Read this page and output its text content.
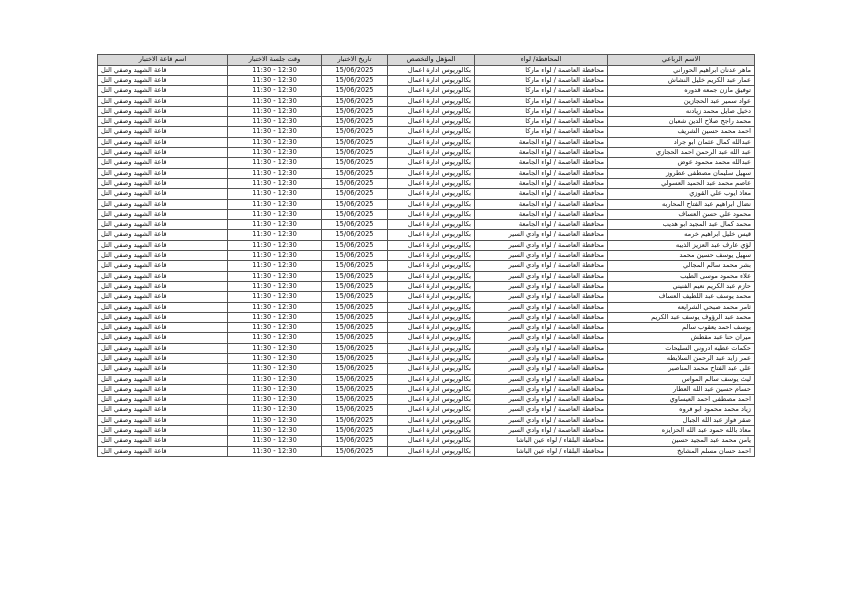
الاسم الرباعي	المحافظة/ لواء	المؤهل والتخصص	تاريخ الاختبار	وقت جلسة الاختبار	اسم قاعة الاختبار
ماهر عدنان ابراهيم الحوراني	محافظة العاصمة / لواء ماركا	بكالوريوس ادارة اعمال	15/06/2025	11:30 - 12:30	قاعة الشهيد وصفي التل
عمار عبد الكريم خليل النشاش	محافظة العاصمة / لواء ماركا	بكالوريوس ادارة اعمال	15/06/2025	11:30 - 12:30	قاعة الشهيد وصفي التل
توفيق مازن جمعه قدوره	محافظة العاصمة / لواء ماركا	بكالوريوس ادارة اعمال	15/06/2025	11:30 - 12:30	قاعة الشهيد وصفي التل
عواد سمير عبد الحجازين	محافظة العاصمة / لواء ماركا	بكالوريوس ادارة اعمال	15/06/2025	11:30 - 12:30	قاعة الشهيد وصفي التل
دخيل صايل محمد زيادنه	محافظة العاصمة / لواء ماركا	بكالوريوس ادارة اعمال	15/06/2025	11:30 - 12:30	قاعة الشهيد وصفي التل
محمد راجح صلاح الدين شعبان	محافظة العاصمة / لواء ماركا	بكالوريوس ادارة اعمال	15/06/2025	11:30 - 12:30	قاعة الشهيد وصفي التل
احمد محمد حسين الشريف	محافظة العاصمة / لواء ماركا	بكالوريوس ادارة اعمال	15/06/2025	11:30 - 12:30	قاعة الشهيد وصفي التل
عبدالله كمال عثمان ابو جراد	محافظة العاصمة / لواء الجامعة	بكالوريوس ادارة اعمال	15/06/2025	11:30 - 12:30	قاعة الشهيد وصفي التل
عبد الله عبد الرحمن احمد الحجازي	محافظة العاصمة / لواء الجامعة	بكالوريوس ادارة اعمال	15/06/2025	11:30 - 12:30	قاعة الشهيد وصفي التل
عبدالله محمد محمود عوض	محافظة العاصمة / لواء الجامعة	بكالوريوس ادارة اعمال	15/06/2025	11:30 - 12:30	قاعة الشهيد وصفي التل
سهيل سليمان مصطفى عطروز	محافظة العاصمة / لواء الجامعة	بكالوريوس ادارة اعمال	15/06/2025	11:30 - 12:30	قاعة الشهيد وصفي التل
عاصم محمد عبد الحميد العسولي	محافظة العاصمة / لواء الجامعة	بكالوريوس ادارة اعمال	15/06/2025	11:30 - 12:30	قاعة الشهيد وصفي التل
معاذ ايوب علي القوزي	محافظة العاصمة / لواء الجامعة	بكالوريوس ادارة اعمال	15/06/2025	11:30 - 12:30	قاعة الشهيد وصفي التل
نضال ابراهيم عبد الفتاح المحاربه	محافظة العاصمة / لواء الجامعة	بكالوريوس ادارة اعمال	15/06/2025	11:30 - 12:30	قاعة الشهيد وصفي التل
محمود علي حسن العساف	محافظة العاصمة / لواء الجامعة	بكالوريوس ادارة اعمال	15/06/2025	11:30 - 12:30	قاعة الشهيد وصفي التل
محمد كمال عبد المجيد ابو هديب	محافظة العاصمة / لواء الجامعة	بكالوريوس ادارة اعمال	15/06/2025	11:30 - 12:30	قاعة الشهيد وصفي التل
قيس خليل ابراهيم خرمه	محافظة العاصمة / لواء وادي السير	بكالوريوس ادارة اعمال	15/06/2025	11:30 - 12:30	قاعة الشهيد وصفي التل
لؤي عارف عبد العزيز الذيبه	محافظة العاصمة / لواء وادي السير	بكالوريوس ادارة اعمال	15/06/2025	11:30 - 12:30	قاعة الشهيد وصفي التل
سهيل يوسف حسين محمد	محافظة العاصمة / لواء وادي السير	بكالوريوس ادارة اعمال	15/06/2025	11:30 - 12:30	قاعة الشهيد وصفي التل
بشر محمد سالم المجالي	محافظة العاصمة / لواء وادي السير	بكالوريوس ادارة اعمال	15/06/2025	11:30 - 12:30	قاعة الشهيد وصفي التل
علاء محمود موسى الطيب	محافظة العاصمة / لواء وادي السير	بكالوريوس ادارة اعمال	15/06/2025	11:30 - 12:30	قاعة الشهيد وصفي التل
حازم عبد الكريم نعيم الفنيني	محافظة العاصمة / لواء وادي السير	بكالوريوس ادارة اعمال	15/06/2025	11:30 - 12:30	قاعة الشهيد وصفي التل
محمد يوسف عبد اللطيف العساف	محافظة العاصمة / لواء وادي السير	بكالوريوس ادارة اعمال	15/06/2025	11:30 - 12:30	قاعة الشهيد وصفي التل
ثامر محمد صبحي الشرايعه	محافظة العاصمة / لواء وادي السير	بكالوريوس ادارة اعمال	15/06/2025	11:30 - 12:30	قاعة الشهيد وصفي التل
محمد عبد الرؤوف يوسف عبد الكريم	محافظة العاصمة / لواء وادي السير	بكالوريوس ادارة اعمال	15/06/2025	11:30 - 12:30	قاعة الشهيد وصفي التل
يوسف احمد يعقوب سالم	محافظة العاصمة / لواء وادي السير	بكالوريوس ادارة اعمال	15/06/2025	11:30 - 12:30	قاعة الشهيد وصفي التل
ميران حنا عبد مقطش	محافظة العاصمة / لواء وادي السير	بكالوريوس ادارة اعمال	15/06/2025	11:30 - 12:30	قاعة الشهيد وصفي التل
حكمات عطيه ادروني السليحات	محافظة العاصمة / لواء وادي السير	بكالوريوس ادارة اعمال	15/06/2025	11:30 - 12:30	قاعة الشهيد وصفي التل
عمر زايد عبد الرحمن السلايطه	محافظة العاصمة / لواء وادي السير	بكالوريوس ادارة اعمال	15/06/2025	11:30 - 12:30	قاعة الشهيد وصفي التل
علي عبد الفتاح محمد المناصير	محافظة العاصمة / لواء وادي السير	بكالوريوس ادارة اعمال	15/06/2025	11:30 - 12:30	قاعة الشهيد وصفي التل
ليث يوسف سالم المواس	محافظة العاصمة / لواء وادي السير	بكالوريوس ادارة اعمال	15/06/2025	11:30 - 12:30	قاعة الشهيد وصفي التل
حسام حسين عبد الله العطار	محافظة العاصمة / لواء وادي السير	بكالوريوس ادارة اعمال	15/06/2025	11:30 - 12:30	قاعة الشهيد وصفي التل
احمد مصطفى احمد العيساوي	محافظة العاصمة / لواء وادي السير	بكالوريوس ادارة اعمال	15/06/2025	11:30 - 12:30	قاعة الشهيد وصفي التل
زياد محمد محمود ابو فروه	محافظة العاصمة / لواء وادي السير	بكالوريوس ادارة اعمال	15/06/2025	11:30 - 12:30	قاعة الشهيد وصفي التل
صقر فواز عبد الله الجبال	محافظة العاصمة / لواء وادي السير	بكالوريوس ادارة اعمال	15/06/2025	11:30 - 12:30	قاعة الشهيد وصفي التل
معاذ بالله حمود عبد الله الحزايزه	محافظة العاصمة / لواء وادي السير	بكالوريوس ادارة اعمال	15/06/2025	11:30 - 12:30	قاعة الشهيد وصفي التل
يامن محمد عبد المجيد حسين	محافظة البلقاء / لواء عين الباشا	بكالوريوس ادارة اعمال	15/06/2025	11:30 - 12:30	قاعة الشهيد وصفي التل
احمد حسان مسلم المشايخ	محافظة البلقاء / لواء عين الباشا	بكالوريوس ادارة اعمال	15/06/2025	11:30 - 12:30	قاعة الشهيد وصفي التل
